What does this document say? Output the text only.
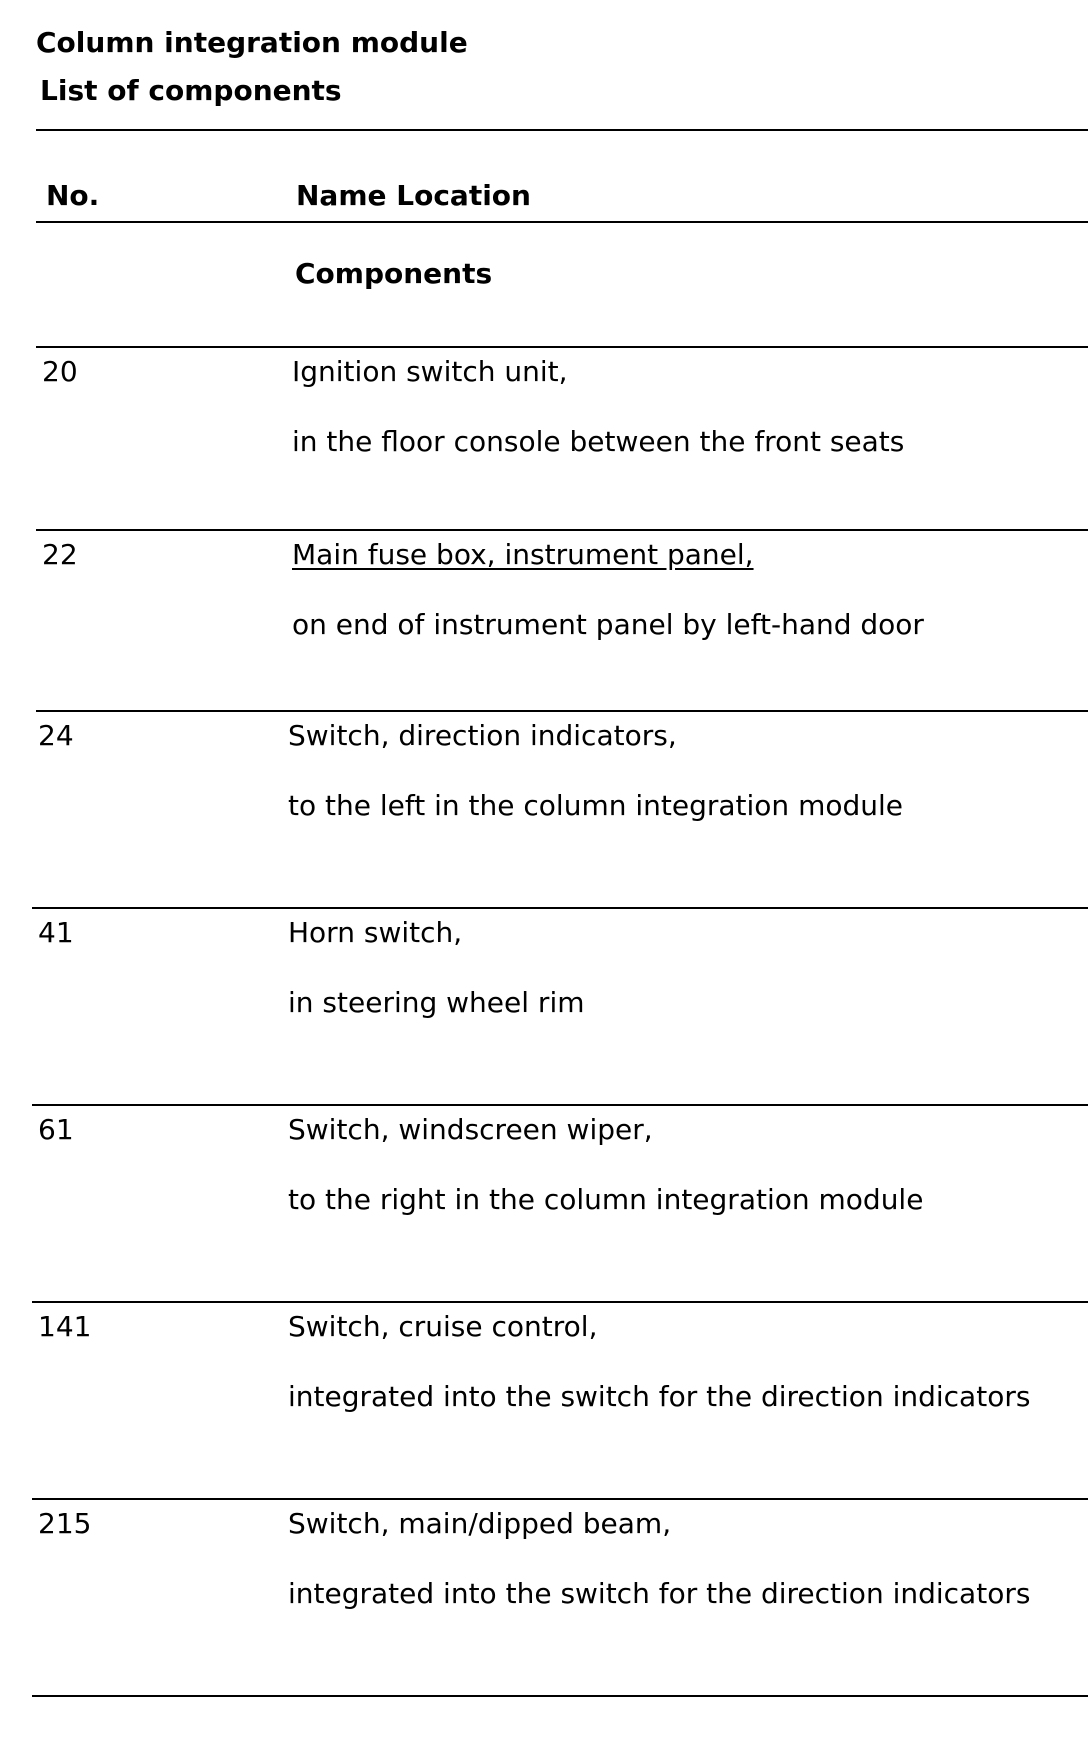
Column integration module
List of components
No.	Name Location
Components
20	Ignition switch unit,
in the floor console between the front seats
22	Main fuse box, instrument panel,
on end of instrument panel by left-hand door
24	Switch, direction indicators,
to the left in the column integration module
41	Horn switch,
in steering wheel rim
61	Switch, windscreen wiper,
to the right in the column integration module
141	Switch, cruise control,
integrated into the switch for the direction indicators
215	Switch, main/dipped beam,
integrated into the switch for the direction indicators
